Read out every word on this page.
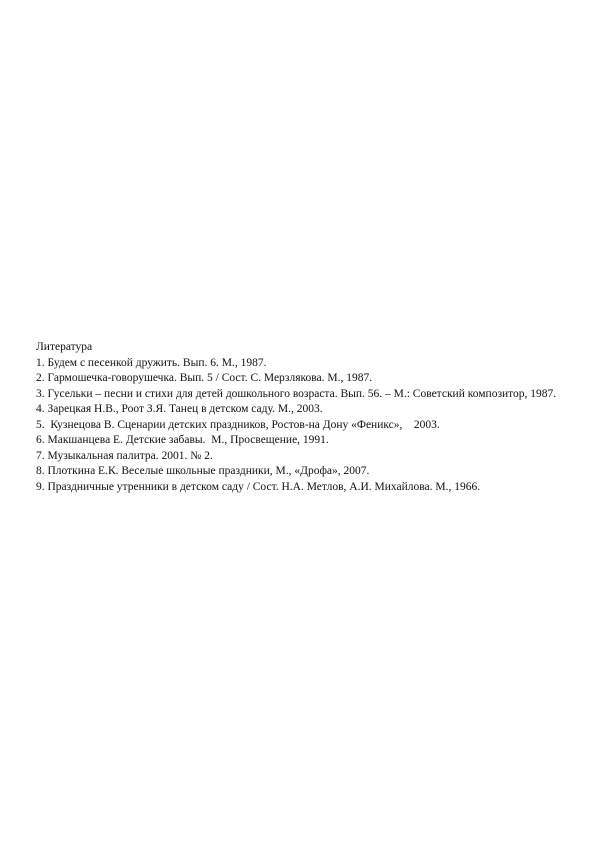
Литература

1. Будем с песенкой дружить. Вып. 6. М., 1987.
2. Гармошечка-говорушечка. Вып. 5 / Сост. С. Мерзлякова. М., 1987.
3. Гусельки – песни и стихи для детей дошкольного возраста. Вып. 56. – М.: Советский композитор, 1987.
4. Зарецкая Н.В., Роот З.Я. Танец в детском саду. М., 2003.
5.  Кузнецова В. Сценарии детских праздников, Ростов-на Дону «Феникс»,    2003.
6. Макшанцева Е. Детские забавы.  М., Просвещение, 1991.
7. Музыкальная палитра. 2001. № 2.
8. Плоткина Е.К. Веселые школьные праздники, М., «Дрофа», 2007.
9. Праздничные утренники в детском саду / Сост. Н.А. Метлов, А.И. Михайлова. М., 1966.
